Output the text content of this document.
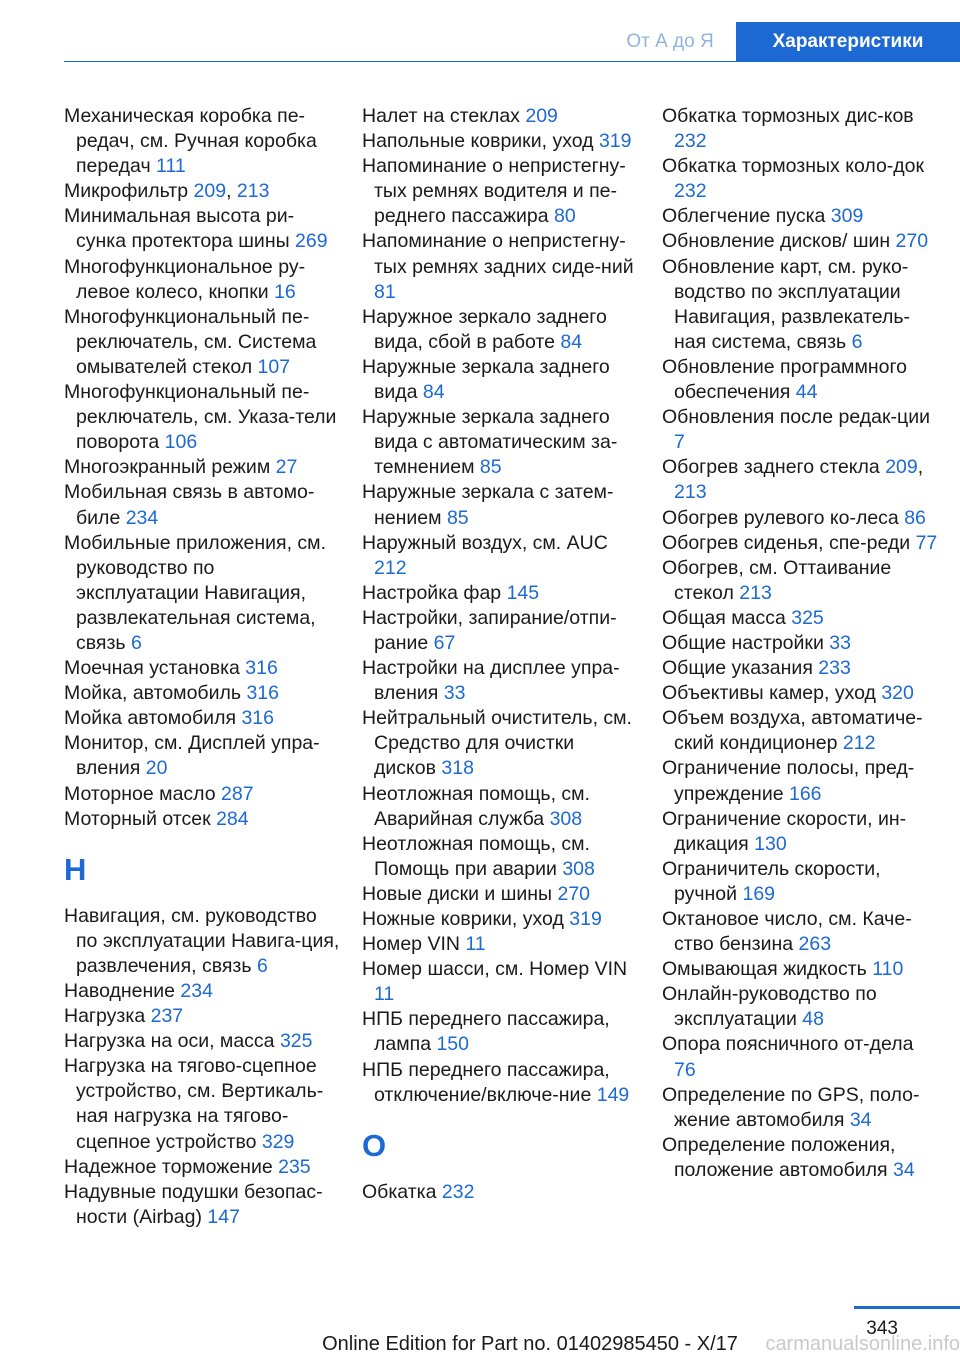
От А до Я	Характеристики
Механическая коробка пе-редач, см. Ручная коробка передач 111
Микрофильтр 209, 213
Минимальная высота ри-сунка протектора шины 269
Многофункциональное ру-левое колесо, кнопки 16
Многофункциональный пе-реключатель, см. Система омывателей стекол 107
Многофункциональный пе-реключатель, см. Указа-тели поворота 106
Многоэкранный режим 27
Мобильная связь в автомо-биле 234
Мобильные приложения, см. руководство по эксплуатации Навигация, развлекательная система, связь 6
Моечная установка 316
Мойка, автомобиль 316
Мойка автомобиля 316
Монитор, см. Дисплей упра-вления 20
Моторное масло 287
Моторный отсек 284
Н
Навигация, см. руководство по эксплуатации Навига-ция, развлечения, связь 6
Наводнение 234
Нагрузка 237
Нагрузка на оси, масса 325
Нагрузка на тягово-сцепное устройство, см. Вертикаль-ная нагрузка на тягово-сцепное устройство 329
Надежное торможение 235
Надувные подушки безопас-ности (Airbag) 147
Налет на стеклах 209
Напольные коврики, уход 319
Напоминание о непристегну-тых ремнях водителя и пе-реднего пассажира 80
Напоминание о непристегну-тых ремнях задних сиде-ний 81
Наружное зеркало заднего вида, сбой в работе 84
Наружные зеркала заднего вида 84
Наружные зеркала заднего вида с автоматическим за-темнением 85
Наружные зеркала с затем-нением 85
Наружный воздух, см. AUC 212
Настройка фар 145
Настройки, запирание/отпи-рание 67
Настройки на дисплее упра-вления 33
Нейтральный очиститель, см. Средство для очистки дисков 318
Неотложная помощь, см. Аварийная служба 308
Неотложная помощь, см. Помощь при аварии 308
Новые диски и шины 270
Ножные коврики, уход 319
Номер VIN 11
Номер шасси, см. Номер VIN 11
НПБ переднего пассажира, лампа 150
НПБ переднего пассажира, отключение/включе-ние 149
О
Обкатка 232
Обкатка тормозных дис-ков 232
Обкатка тормозных коло-док 232
Облегчение пуска 309
Обновление дисков/ шин 270
Обновление карт, см. руко-водство по эксплуатации Навигация, развлекатель-ная система, связь 6
Обновление программного обеспечения 44
Обновления после редак-ции 7
Обогрев заднего стекла 209, 213
Обогрев рулевого ко-леса 86
Обогрев сиденья, спе-реди 77
Обогрев, см. Оттаивание стекол 213
Общая масса 325
Общие настройки 33
Общие указания 233
Объективы камер, уход 320
Объем воздуха, автоматиче-ский кондиционер 212
Ограничение полосы, пред-упреждение 166
Ограничение скорости, ин-дикация 130
Ограничитель скорости, ручной 169
Октановое число, см. Каче-ство бензина 263
Омывающая жидкость 110
Онлайн-руководство по эксплуатации 48
Опора поясничного от-дела 76
Определение по GPS, поло-жение автомобиля 34
Определение положения, положение автомобиля 34
343
Online Edition for Part no. 01402985450 - X/17	carmanualsonline.info
